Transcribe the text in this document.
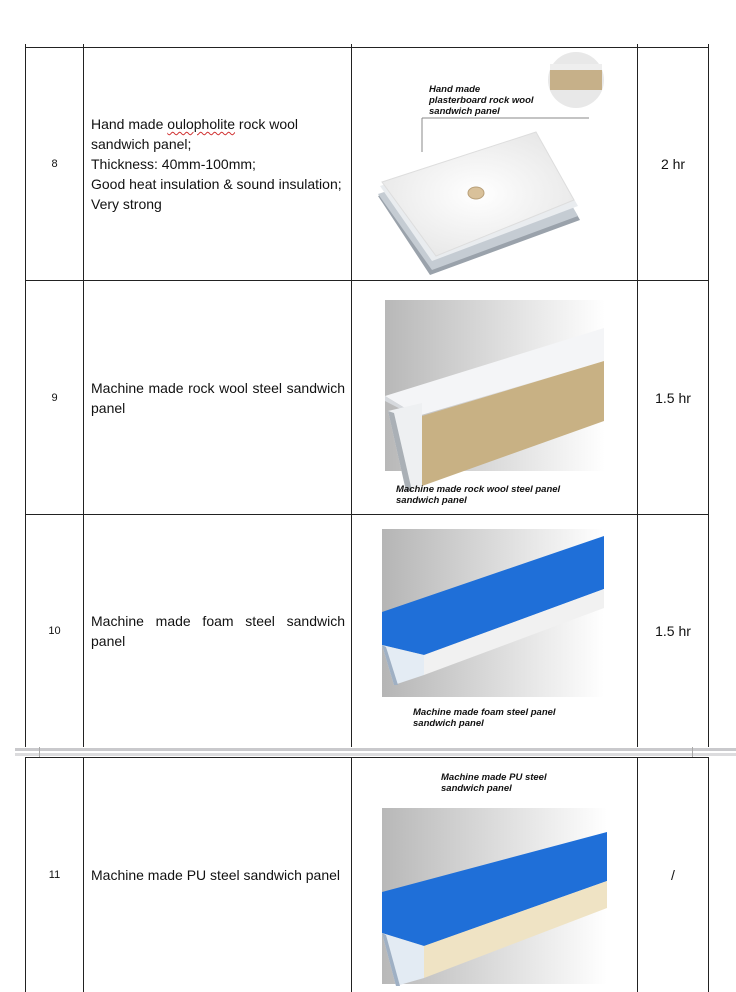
8
Hand made oulopholite rock wool sandwich panel;
Thickness: 40mm-100mm;
Good heat insulation & sound insulation;
Very strong
Hand made
plasterboard rock wool
sandwich panel
2 hr
9
Machine made rock wool steel sandwich panel
Machine made rock wool steel panel
sandwich panel
1.5 hr
10
Machine made foam steel sandwich panel
Machine made foam steel panel
sandwich panel
1.5 hr
11	Machine made PU steel sandwich panel
Machine made PU steel
sandwich panel
/
